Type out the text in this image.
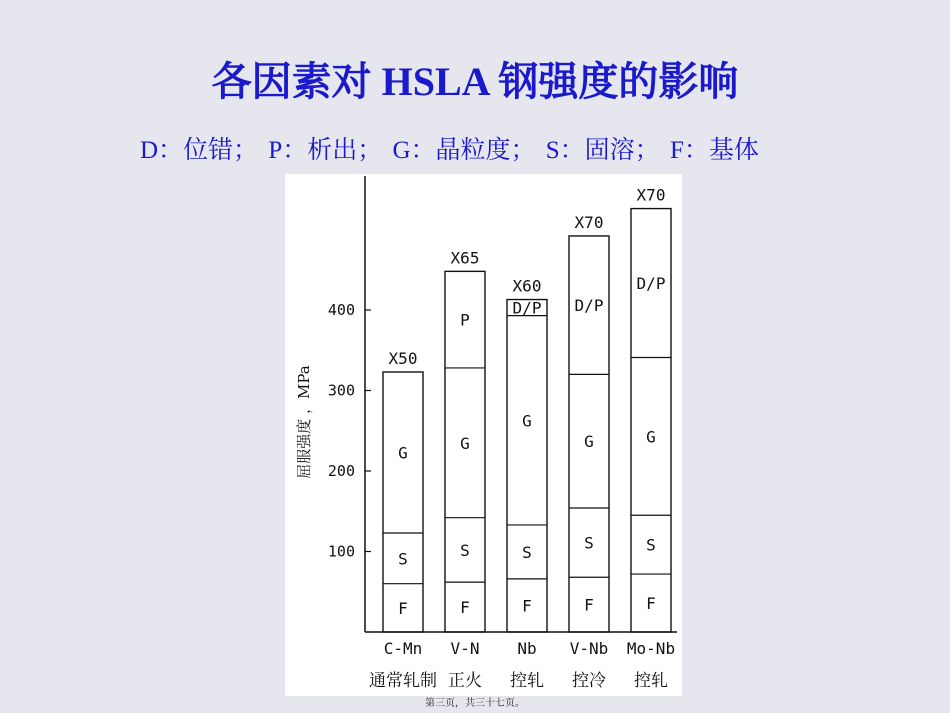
各因素对 HSLA 钢强度的影响
D：位错； P：析出； G：晶粒度； S：固溶； F：基体
100
200
300
400
屈服强度 ，MPa
F
S
G
X50
C-Mn
通常轧制
F
S
G
P
X65
V-N
正火
F
S
G
D/P
X60
Nb
控轧
F
S
G
D/P
X70
V-Nb
控冷
F
S
G
D/P
X70
Mo-Nb
控轧
第三页，共三十七页。
